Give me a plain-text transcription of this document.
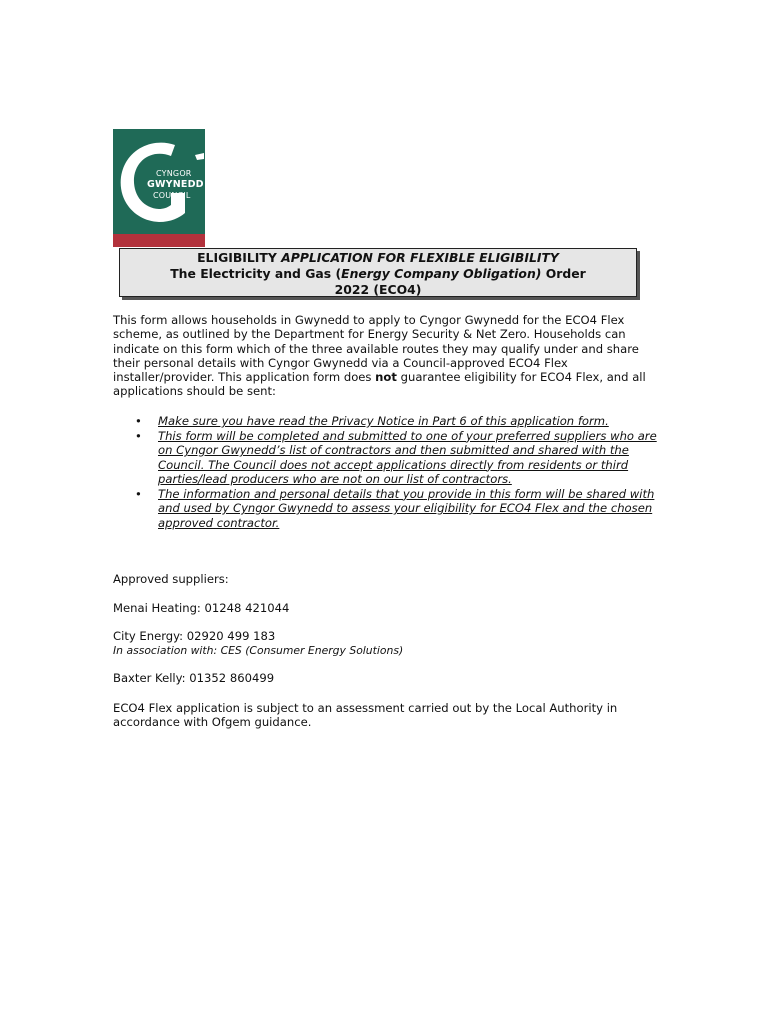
CYNGOR
GWYNEDD
COUNCIL
ELIGIBILITY APPLICATION FOR FLEXIBLE ELIGIBILITY
The Electricity and Gas (Energy Company Obligation) Order
2022 (ECO4)
This form allows households in Gwynedd to apply to Cyngor Gwynedd for the ECO4 Flex scheme, as outlined by the Department for Energy Security & Net Zero. Households can indicate on this form which of the three available routes they may qualify under and share their personal details with Cyngor Gwynedd via a Council-approved ECO4 Flex installer/provider. This application form does not guarantee eligibility for ECO4 Flex, and all applications should be sent:
• Make sure you have read the Privacy Notice in Part 6 of this application form.
• This form will be completed and submitted to one of your preferred suppliers who are on Cyngor Gwynedd’s list of contractors and then submitted and shared with the Council. The Council does not accept applications directly from residents or third parties/lead producers who are not on our list of contractors.
• The information and personal details that you provide in this form will be shared with and used by Cyngor Gwynedd to assess your eligibility for ECO4 Flex and the chosen approved contractor.
Approved suppliers:
Menai Heating: 01248 421044
City Energy: 02920 499 183
In association with: CES (Consumer Energy Solutions)
Baxter Kelly: 01352 860499
ECO4 Flex application is subject to an assessment carried out by the Local Authority in accordance with Ofgem guidance.
